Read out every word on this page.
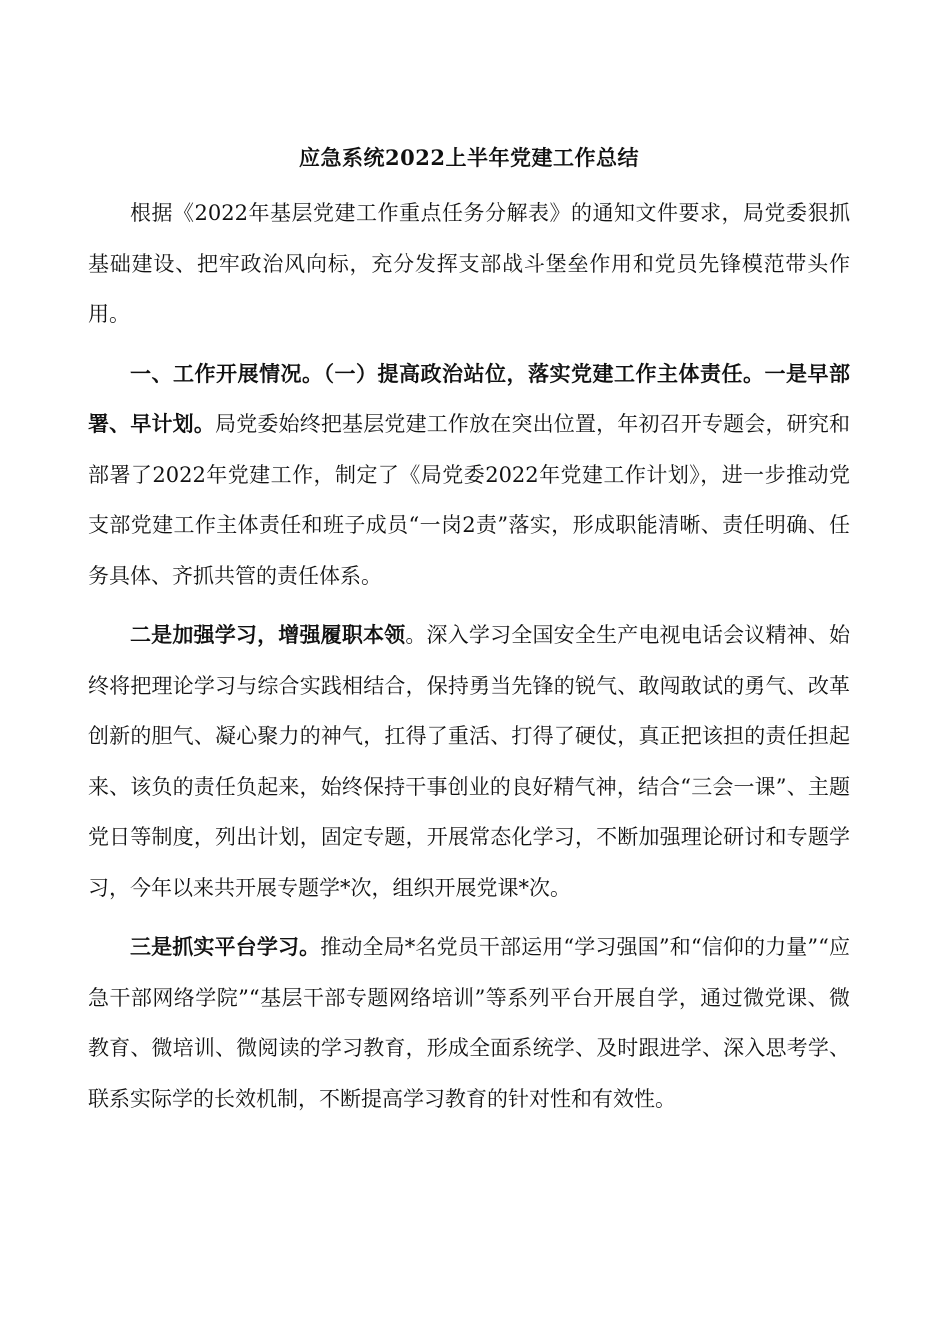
应急系统2022上半年党建工作总结

根据《2022年基层党建工作重点任务分解表》的通知文件要求，局党委狠抓基础建设、把牢政治风向标，充分发挥支部战斗堡垒作用和党员先锋模范带头作用。

一、工作开展情况。（一）提高政治站位，落实党建工作主体责任。一是早部署、早计划。局党委始终把基层党建工作放在突出位置，年初召开专题会，研究和部署了2022年党建工作，制定了《局党委2022年党建工作计划》，进一步推动党支部党建工作主体责任和班子成员“一岗2责”落实，形成职能清晰、责任明确、任务具体、齐抓共管的责任体系。

二是加强学习，增强履职本领。深入学习全国安全生产电视电话会议精神、始终将把理论学习与综合实践相结合，保持勇当先锋的锐气、敢闯敢试的勇气、改革创新的胆气、凝心聚力的神气，扛得了重活、打得了硬仗，真正把该担的责任担起来、该负的责任负起来，始终保持干事创业的良好精气神，结合“三会一课”、主题党日等制度，列出计划，固定专题，开展常态化学习，不断加强理论研讨和专题学习，今年以来共开展专题学*次，组织开展党课*次。

三是抓实平台学习。推动全局*名党员干部运用“学习强国”和“信仰的力量”“应急干部网络学院”“基层干部专题网络培训”等系列平台开展自学，通过微党课、微教育、微培训、微阅读的学习教育，形成全面系统学、及时跟进学、深入思考学、联系实际学的长效机制，不断提高学习教育的针对性和有效性。
